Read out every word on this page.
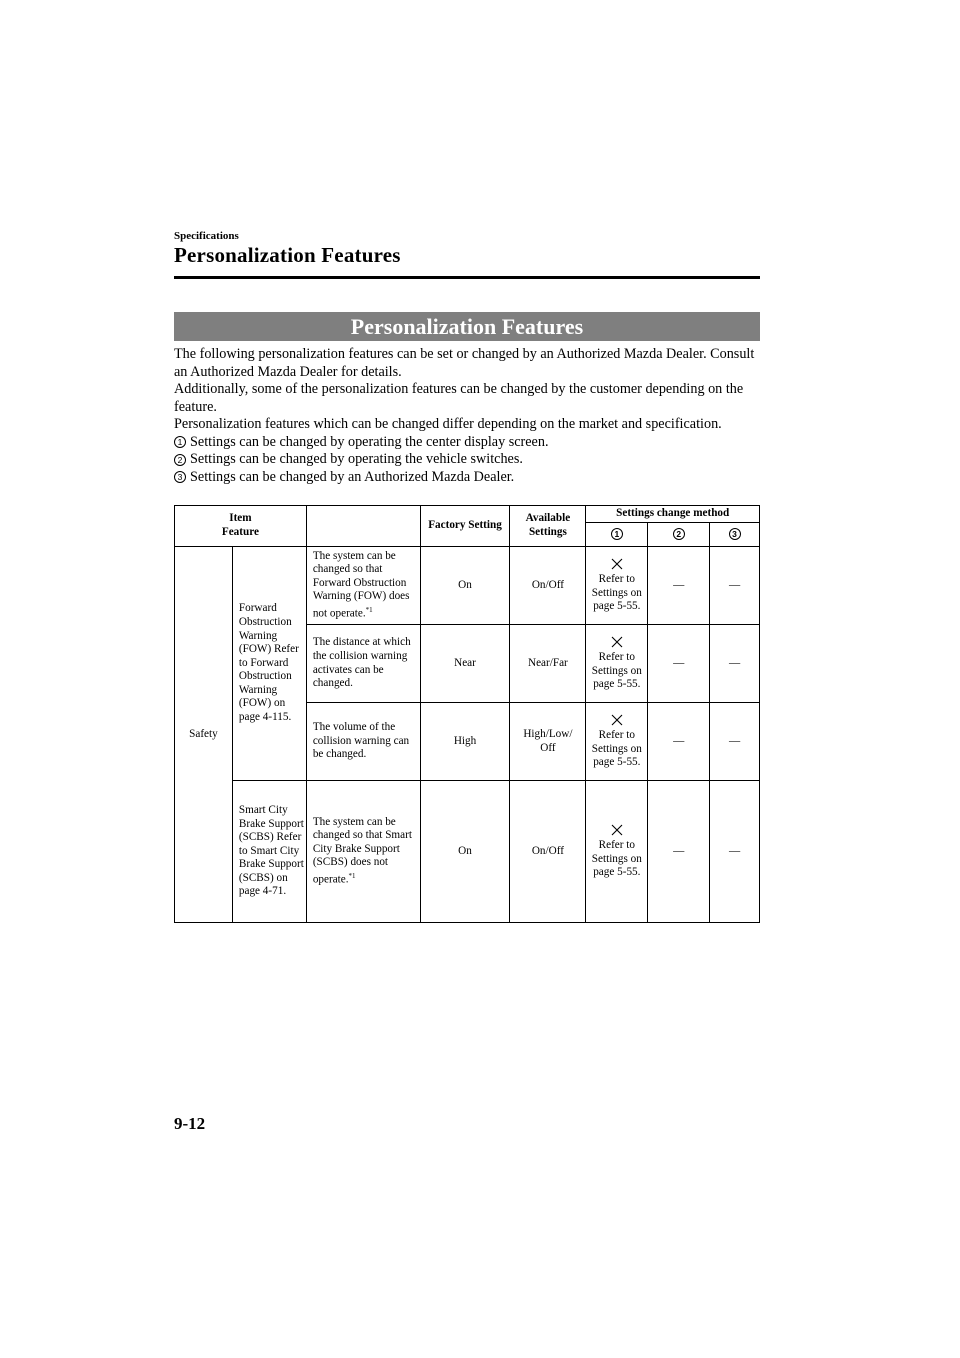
Specifications
Personalization Features
Personalization Features

The following personalization features can be set or changed by an Authorized Mazda Dealer. Consult an Authorized Mazda Dealer for details.

Additionally, some of the personalization features can be changed by the customer depending on the feature.

Personalization features which can be changed differ depending on the market and specification.

1 Settings can be changed by operating the center display screen.
2 Settings can be changed by operating the vehicle switches.
3 Settings can be changed by an Authorized Mazda Dealer.
ItemFeature			Factory Setting	Available Settings	Settings change method		
					1	2	3
Safety	Forward Obstruction Warning (FOW) Refer to Forward Obstruction Warning (FOW) on page 4-115.	The system can be changed so that Forward Obstruction Warning (FOW) does not operate.$^{*1}$	On	On/Off	Refer to Settings on page 5-55.	—	—
		The distance at which the collision warning activates can be changed.	Near	Near/Far	Refer to Settings on page 5-55.	—	—
		The volume of the collision warning can be changed.	High	High/Low/ Off	Refer to Settings on page 5-55.	—	—
	Smart City Brake Support (SCBS) Refer to Smart City Brake Support (SCBS) on page 4-71.	The system can be changed so that Smart City Brake Support (SCBS) does not operate.$^{*1}$	On	On/Off	Refer to Settings on page 5-55.	—	—
9-12
